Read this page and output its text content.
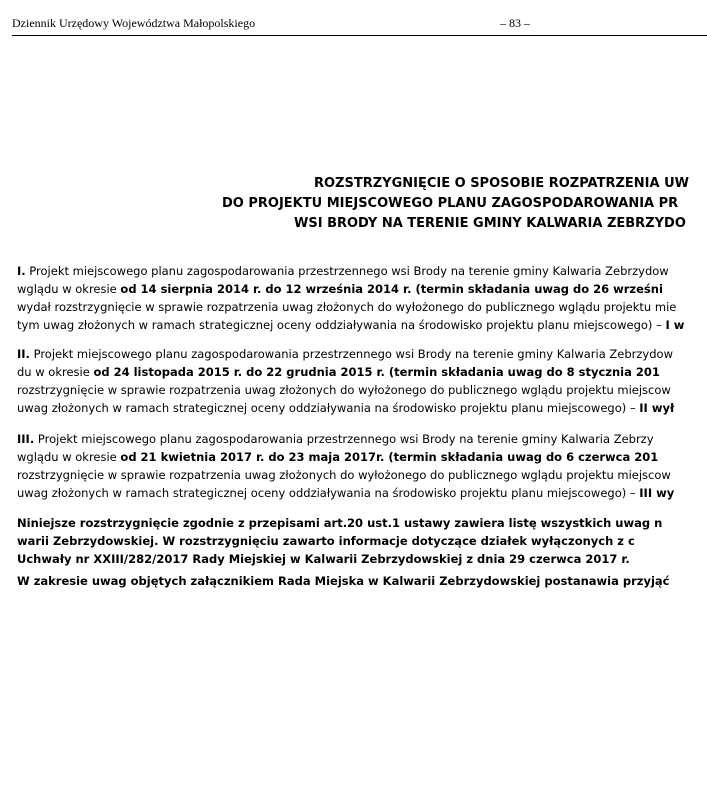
Dziennik Urzędowy Województwa Małopolskiego	– 83 –
ROZSTRZYGNIĘCIE O SPOSOBIE ROZPATRZENIA UW
DO PROJEKTU MIEJSCOWEGO PLANU ZAGOSPODAROWANIA PR
WSI BRODY NA TERENIE GMINY KALWARIA ZEBRZYDO
I. Projekt miejscowego planu zagospodarowania przestrzennego wsi Brody na terenie gminy Kalwaria Zebrzydow
wglądu w okresie od 14 sierpnia 2014 r. do 12 września 2014 r. (termin składania uwag do 26 wrześni
wydał rozstrzygnięcie w sprawie rozpatrzenia uwag złożonych do wyłożonego do publicznego wglądu projektu mie
tym uwag złożonych w ramach strategicznej oceny oddziaływania na środowisko projektu planu miejscowego) – I w
II. Projekt miejscowego planu zagospodarowania przestrzennego wsi Brody na terenie gminy Kalwaria Zebrzydow
du w okresie od 24 listopada 2015 r. do 22 grudnia 2015 r. (termin składania uwag do 8 stycznia 201
rozstrzygnięcie w sprawie rozpatrzenia uwag złożonych do wyłożonego do publicznego wglądu projektu miejscow
uwag złożonych w ramach strategicznej oceny oddziaływania na środowisko projektu planu miejscowego) – II wył
III. Projekt miejscowego planu zagospodarowania przestrzennego wsi Brody na terenie gminy Kalwaria Zebrzy
wglądu w okresie od 21 kwietnia 2017 r. do 23 maja 2017r. (termin składania uwag do 6 czerwca 201
rozstrzygnięcie w sprawie rozpatrzenia uwag złożonych do wyłożonego do publicznego wglądu projektu miejscow
uwag złożonych w ramach strategicznej oceny oddziaływania na środowisko projektu planu miejscowego) – III wy
Niniejsze rozstrzygnięcie zgodnie z przepisami art.20 ust.1 ustawy zawiera listę wszystkich uwag n
warii Zebrzydowskiej. W rozstrzygnięciu zawarto informacje dotyczące działek wyłączonych z c
Uchwały nr XXIII/282/2017 Rady Miejskiej w Kalwarii Zebrzydowskiej z dnia 29 czerwca 2017 r.
W zakresie uwag objętych załącznikiem Rada Miejska w Kalwarii Zebrzydowskiej postanawia przyjąć
